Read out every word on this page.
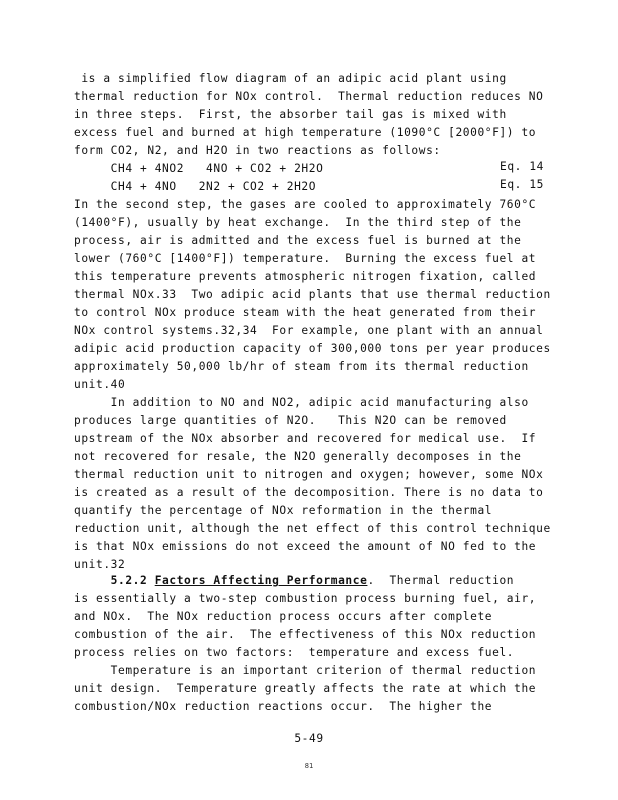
is a simplified flow diagram of an adipic acid plant using
thermal reduction for NOx control.  Thermal reduction reduces NO
in three steps.  First, the absorber tail gas is mixed with
excess fuel and burned at high temperature (1090°C [2000°F]) to
form CO2, N2, and H2O in two reactions as follows:
CH4 + 4NO2   4NO + CO2 + 2H2O
CH4 + 4NO   2N2 + CO2 + 2H2O
In the second step, the gases are cooled to approximately 760°C
(1400°F), usually by heat exchange.  In the third step of the
process, air is admitted and the excess fuel is burned at the
lower (760°C [1400°F]) temperature.  Burning the excess fuel at
this temperature prevents atmospheric nitrogen fixation, called
thermal NOx.33  Two adipic acid plants that use thermal reduction
to control NOx produce steam with the heat generated from their
NOx control systems.32,34  For example, one plant with an annual
adipic acid production capacity of 300,000 tons per year produces
approximately 50,000 lb/hr of steam from its thermal reduction
unit.40
In addition to NO and NO2, adipic acid manufacturing also
produces large quantities of N2O.   This N2O can be removed
upstream of the NOx absorber and recovered for medical use.  If
not recovered for resale, the N2O generally decomposes in the
thermal reduction unit to nitrogen and oxygen; however, some NOx
is created as a result of the decomposition. There is no data to
quantify the percentage of NOx reformation in the thermal
reduction unit, although the net effect of this control technique
is that NOx emissions do not exceed the amount of NO fed to the
unit.32
Eq. 14
Eq. 15
5.2.2 Factors Affecting Performance.  Thermal reduction
is essentially a two-step combustion process burning fuel, air,
and NOx.  The NOx reduction process occurs after complete
combustion of the air.  The effectiveness of this NOx reduction
process relies on two factors:  temperature and excess fuel.
Temperature is an important criterion of thermal reduction
unit design.  Temperature greatly affects the rate at which the
combustion/NOx reduction reactions occur.  The higher the
5-49
81
